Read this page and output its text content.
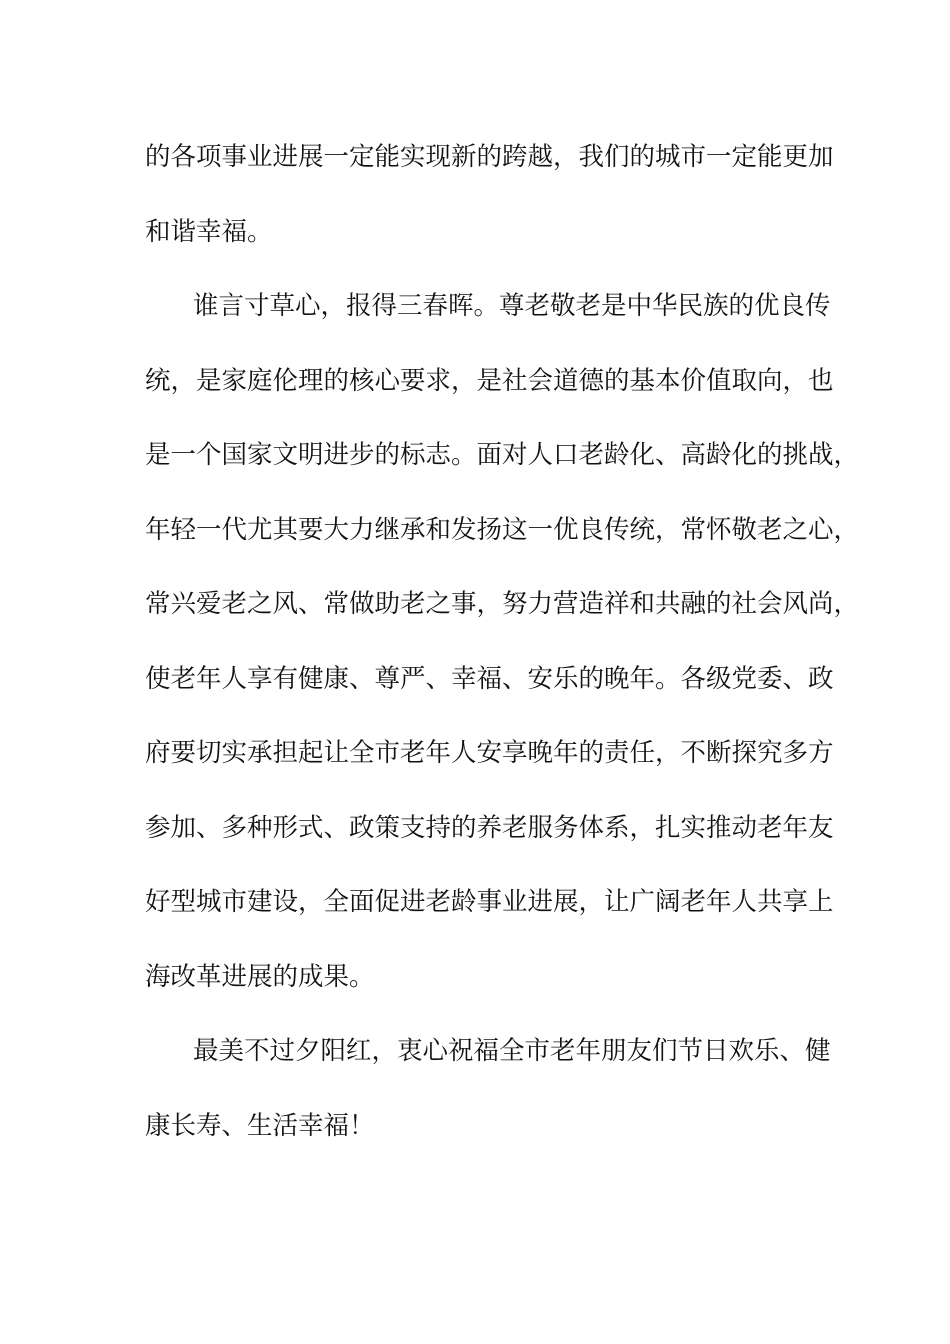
的各项事业进展一定能实现新的跨越，我们的城市一定能更加
和谐幸福。
谁言寸草心，报得三春晖。尊老敬老是中华民族的优良传
统，是家庭伦理的核心要求，是社会道德的基本价值取向，也
是一个国家文明进步的标志。面对人口老龄化、高龄化的挑战，
年轻一代尤其要大力继承和发扬这一优良传统，常怀敬老之心，
常兴爱老之风、常做助老之事，努力营造祥和共融的社会风尚，
使老年人享有健康、尊严、幸福、安乐的晚年。各级党委、政
府要切实承担起让全市老年人安享晚年的责任，不断探究多方
参加、多种形式、政策支持的养老服务体系，扎实推动老年友
好型城市建设，全面促进老龄事业进展，让广阔老年人共享上
海改革进展的成果。
最美不过夕阳红，衷心祝福全市老年朋友们节日欢乐、健
康长寿、生活幸福！
